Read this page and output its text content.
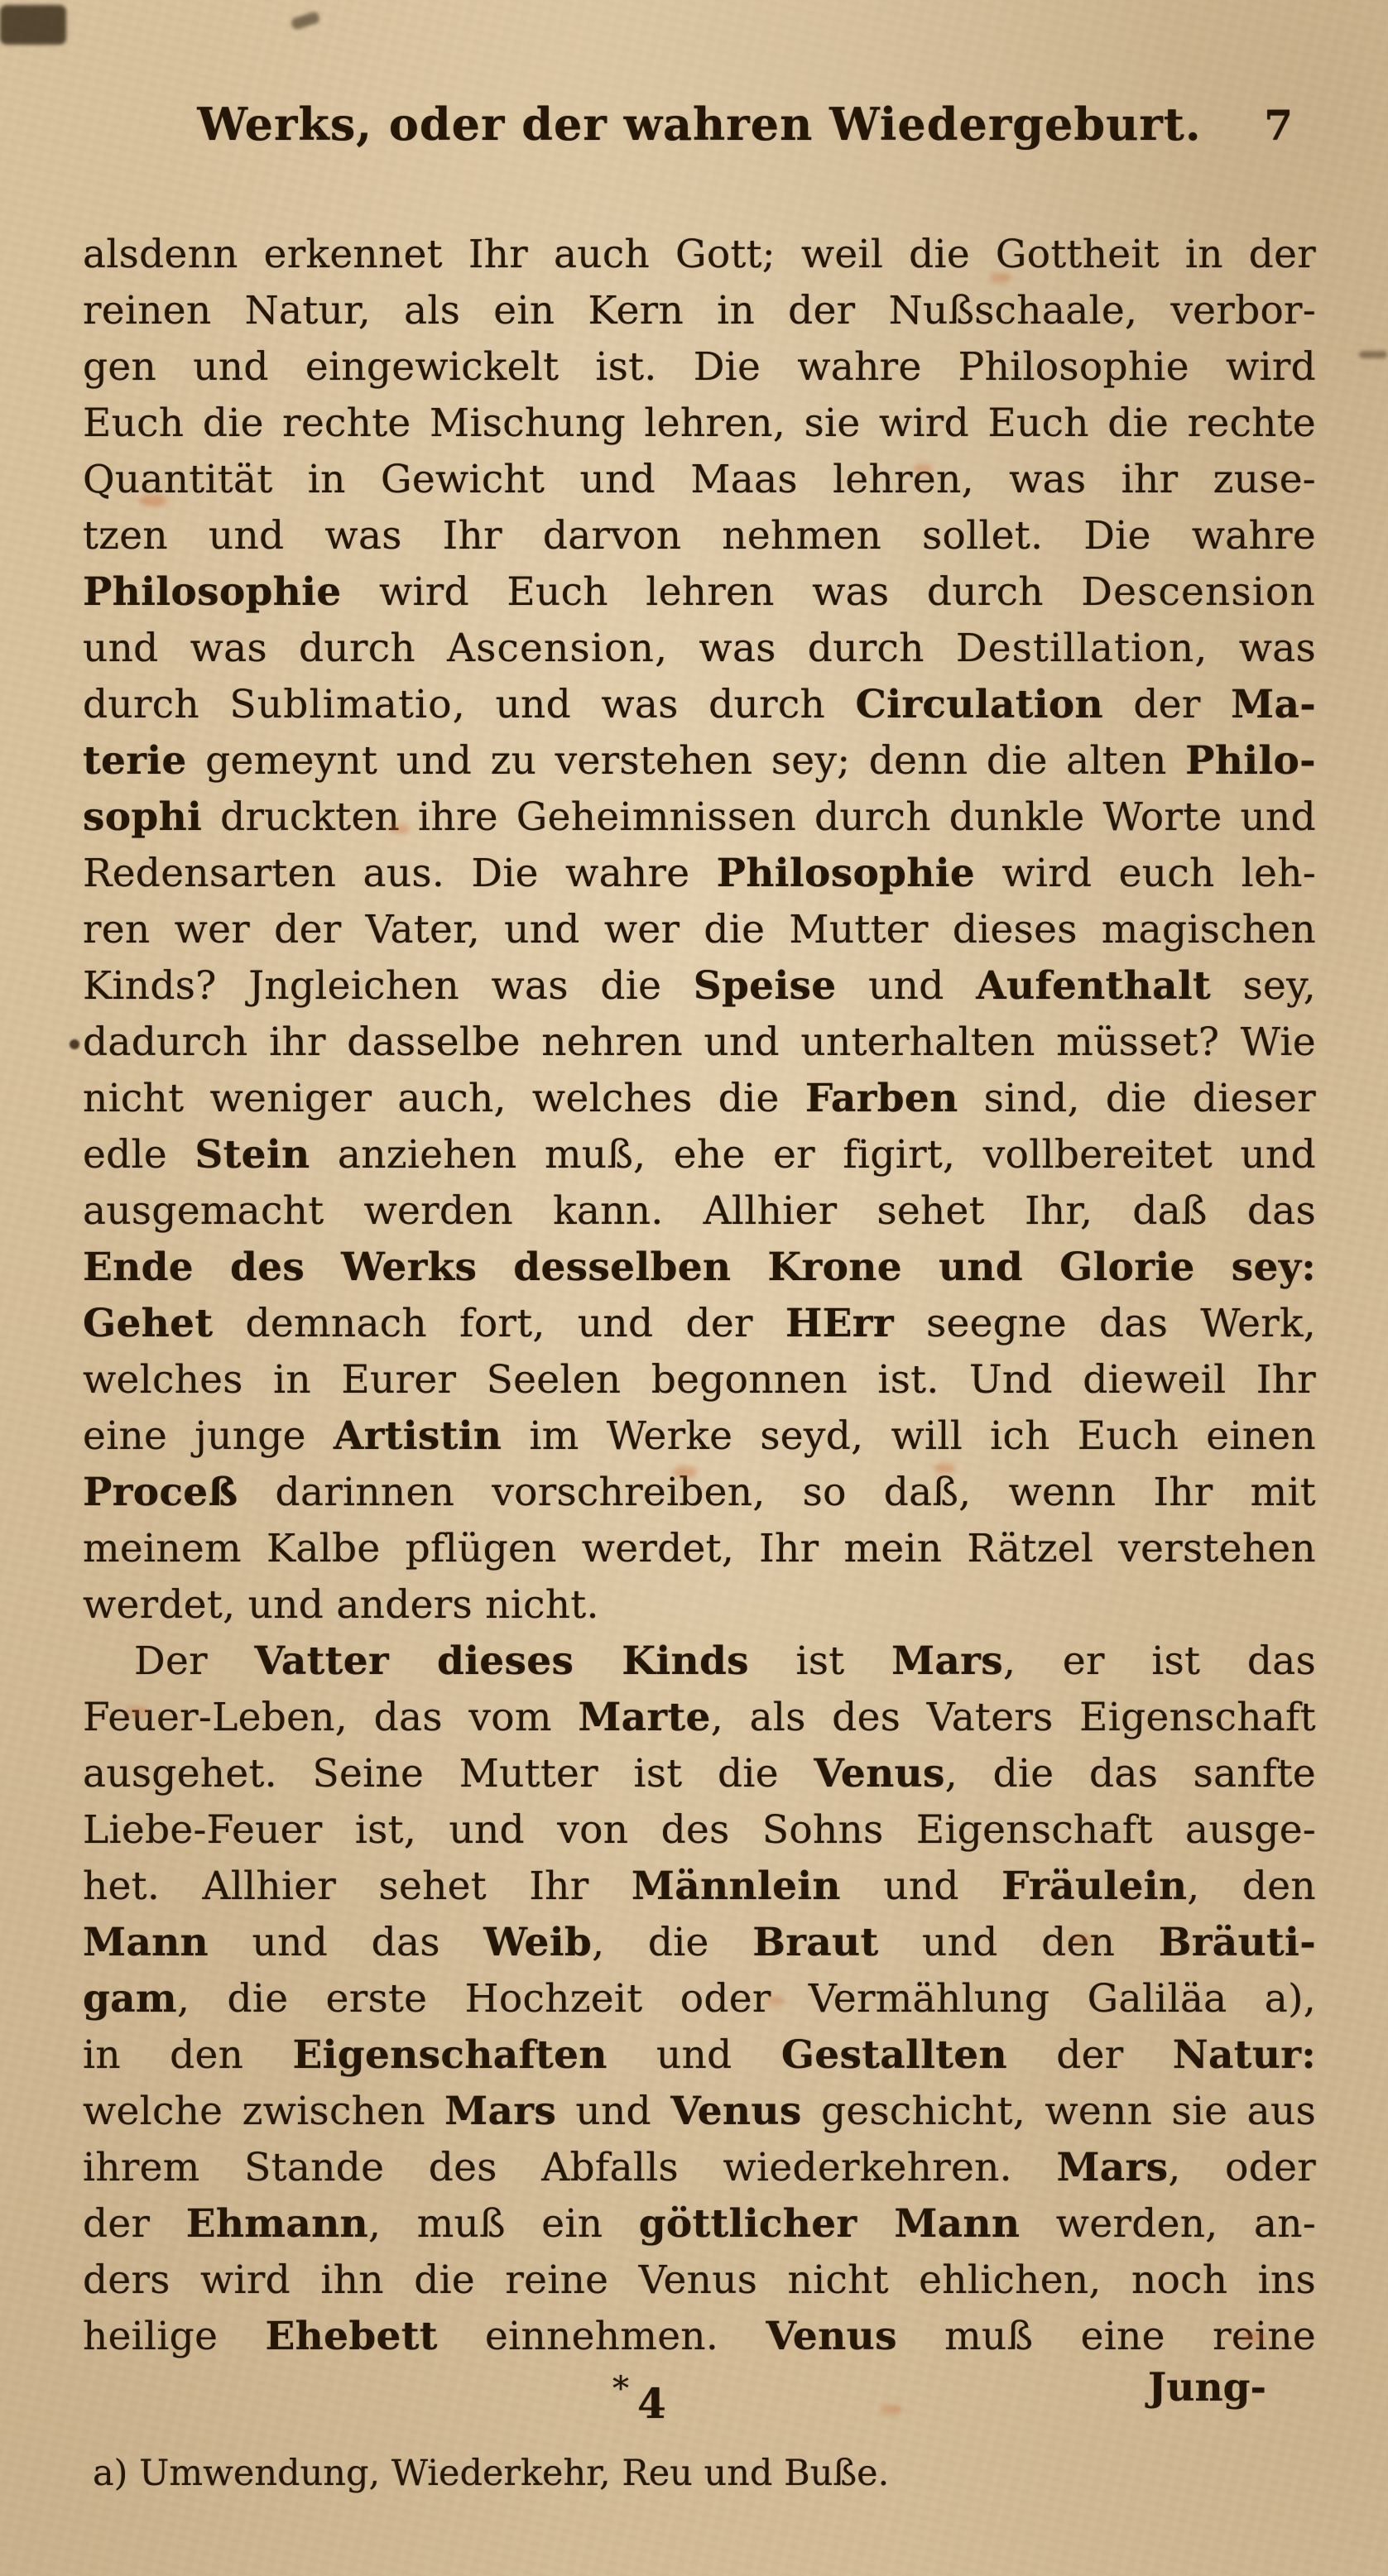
Werks, oder der wahren Wiedergeburt.	7
alsdenn erkennet Ihr auch Gott; weil die Gottheit in der
reinen Natur, als ein Kern in der Nußschaale, verbor-
gen und eingewickelt ist. Die wahre Philosophie wird
Euch die rechte Mischung lehren, sie wird Euch die rechte
Quantität in Gewicht und Maas lehren, was ihr zuse-
tzen und was Ihr darvon nehmen sollet. Die wahre
Philosophie wird Euch lehren was durch Descension
und was durch Ascension, was durch Destillation, was
durch Sublimatio, und was durch Circulation der Ma-
terie gemeynt und zu verstehen sey; denn die alten Philo-
sophi druckten ihre Geheimnissen durch dunkle Worte und
Redensarten aus. Die wahre Philosophie wird euch leh-
ren wer der Vater, und wer die Mutter dieses magischen
Kinds? Jngleichen was die Speise und Aufenthalt sey,
dadurch ihr dasselbe nehren und unterhalten müsset? Wie
nicht weniger auch, welches die Farben sind, die dieser
edle Stein anziehen muß, ehe er figirt, vollbereitet und
ausgemacht werden kann. Allhier sehet Ihr, daß das
Ende des Werks desselben Krone und Glorie sey:
Gehet demnach fort, und der HErr seegne das Werk,
welches in Eurer Seelen begonnen ist. Und dieweil Ihr
eine junge Artistin im Werke seyd, will ich Euch einen
Proceß darinnen vorschreiben, so daß, wenn Ihr mit
meinem Kalbe pflügen werdet, Ihr mein Rätzel verstehen
werdet, und anders nicht.
Der Vatter dieses Kinds ist Mars, er ist das
Feuer-Leben, das vom Marte, als des Vaters Eigenschaft
ausgehet. Seine Mutter ist die Venus, die das sanfte
Liebe-Feuer ist, und von des Sohns Eigenschaft ausge-
het. Allhier sehet Ihr Männlein und Fräulein, den
Mann und das Weib, die Braut und den Bräuti-
gam, die erste Hochzeit oder Vermählung Galiläa a),
in den Eigenschaften und Gestallten der Natur:
welche zwischen Mars und Venus geschicht, wenn sie aus
ihrem Stande des Abfalls wiederkehren. Mars, oder
der Ehmann, muß ein göttlicher Mann werden, an-
ders wird ihn die reine Venus nicht ehlichen, noch ins
heilige Ehebett einnehmen. Venus muß eine reine
* 4	Jung-
a) Umwendung, Wiederkehr, Reu und Buße.
